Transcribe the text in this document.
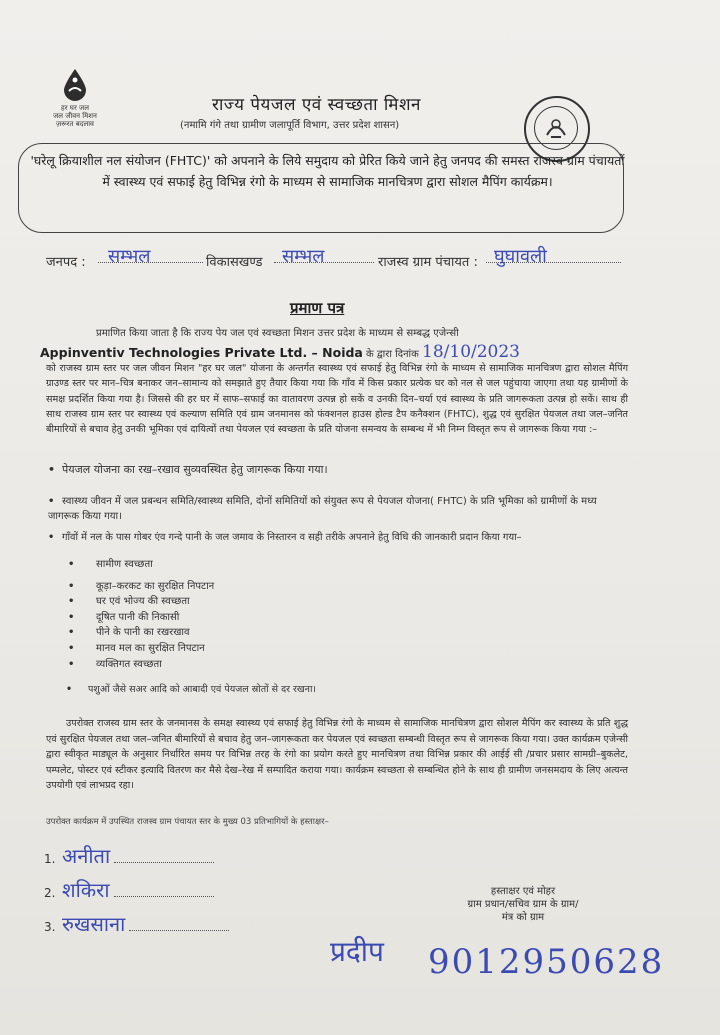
हर घर जल
जल जीवन मिशन
ज़रूरत बदलाव
राज्य पेयजल एवं स्वच्छता मिशन
(नमामि गंगे तथा ग्रामीण जलापूर्ति विभाग, उत्तर प्रदेश शासन)
'घरेलू क्रियाशील नल संयोजन (FHTC)' को अपनाने के लिये समुदाय को प्रेरित किये जाने हेतु जनपद की समस्त राजस्व ग्राम पंचायतों में स्वास्थ्य एवं सफाई हेतु विभिन्न रंगो के माध्यम से सामाजिक मानचित्रण द्वारा सोशल मैपिंग कार्यक्रम।
जनपद : सम्भल	विकासखण्ड सम्भल	राजस्व ग्राम पंचायत : घुघावली
प्रमाण पत्र
प्रमाणित किया जाता है कि राज्य पेय जल एवं स्वच्छता मिशन उत्तर प्रदेश के माध्यम से सम्बद्ध एजेन्सी
Appinventiv Technologies Private Ltd. – Noida के द्वारा दिनांक 18/10/2023
को राजस्व ग्राम स्तर पर जल जीवन मिशन "हर घर जल" योजना के अन्तर्गत स्वास्थ्य एवं सफाई हेतु विभिन्न रंगो के माध्यम से सामाजिक मानचित्रण द्वारा सोशल मैपिंग ग्राउण्ड स्तर पर मान–चित्र बनाकर जन–सामान्य को समझाते हुए तैयार किया गया कि गाँव में किस प्रकार प्रत्येक घर को नल से जल पहुंचाया जाएगा तथा यह ग्रामीणों के समक्ष प्रदर्शित किया गया है। जिससे की हर घर में साफ–सफाई का वातावरण उत्पन्न हो सकें व उनकी दिन–चर्या एवं स्वास्थ्य के प्रति जागरूकता उत्पन्न हो सकें। साथ ही साथ राजस्व ग्राम स्तर पर स्वास्थ्य एवं कल्याण समिति एवं ग्राम जनमानस को फंक्शनल हाउस होल्ड टैप कनैक्शन (FHTC), शुद्ध एवं सुरक्षित पेयजल तथा जल–जनित बीमारियों से बचाव हेतु उनकी भूमिका एवं दायित्वों तथा पेयजल एवं स्वच्छता के प्रति योजना समन्वय के सम्बन्ध में भी निम्न विस्तृत रूप से जागरूक किया गया :–
• पेयजल योजना का रख–रखाव सुव्यवस्थित हेतु जागरूक किया गया।
• स्वास्थ्य जीवन में जल प्रबन्धन समिति/स्वास्थ्य समिति, दोनों समितियों को संयुक्त रूप से पेयजल योजना( FHTC) के प्रति भूमिका को ग्रामीणों के मध्य जागरूक किया गया।
• गाँवों में नल के पास गोबर एंव गन्दे पानी के जल जमाव के निस्तारन व सही तरीके अपनाने हेतु विधि की जानकारी प्रदान किया गया–
• सामीण स्वच्छता
• कूड़ा–करकट का सुरक्षित निपटान
• घर एवं भोज्य की स्वच्छता
• दूषित पानी की निकासी
• पीने के पानी का रखरखाव
• मानव मल का सुरक्षित निपटान
• व्यक्तिगत स्वच्छता
• पशुओं जैसे सअर आदि को आबादी एवं पेयजल स्रोतों से दर रखना।
उपरोक्त राजस्व ग्राम स्तर के जनमानस के समक्ष स्वास्थ्य एवं सफाई हेतु विभिन्न रंगो के माध्यम से सामाजिक मानचित्रण द्वारा सोशल मैपिंग कर स्वास्थ्य के प्रति शुद्ध एवं सुरक्षित पेयजल तथा जल–जनित बीमारियों से बचाव हेतु जन–जागरूकता कर पेयजल एवं स्वच्छता सम्बन्धी विस्तृत रूप से जागरूक किया गया। उक्त कार्यक्रम एजेन्सी द्वारा स्वीकृत माड्यूल के अनुसार निर्धारित समय पर विभिन्न तरह के रंगो का प्रयोग करते हुए मानचित्रण तथा विभिन्न प्रकार की आईई सी /प्रचार प्रसार सामग्री–बुकलेट, पम्पलेट, पोस्टर एवं स्टीकर इत्यादि वितरण कर मैसे देख–रेख में सम्पादित कराया गया। कार्यक्रम स्वच्छता से सम्बन्धित होने के साथ ही ग्रामीण जनसमदाय के लिए अत्यन्त उपयोगी एवं लाभप्रद रहा।
उपरोक्त कार्यक्रम में उपस्थित राजस्व ग्राम पंचायत स्तर के मुख्य 03 प्रतिभागियों के हस्ताक्षर–
1. अनीता
2. शकिरा
3. रुखसाना
हस्ताक्षर एवं मोहर
ग्राम प्रधान/सचिव ग्राम के ग्राम/
मंत्र को ग्राम
प्रदीप 9012950628
